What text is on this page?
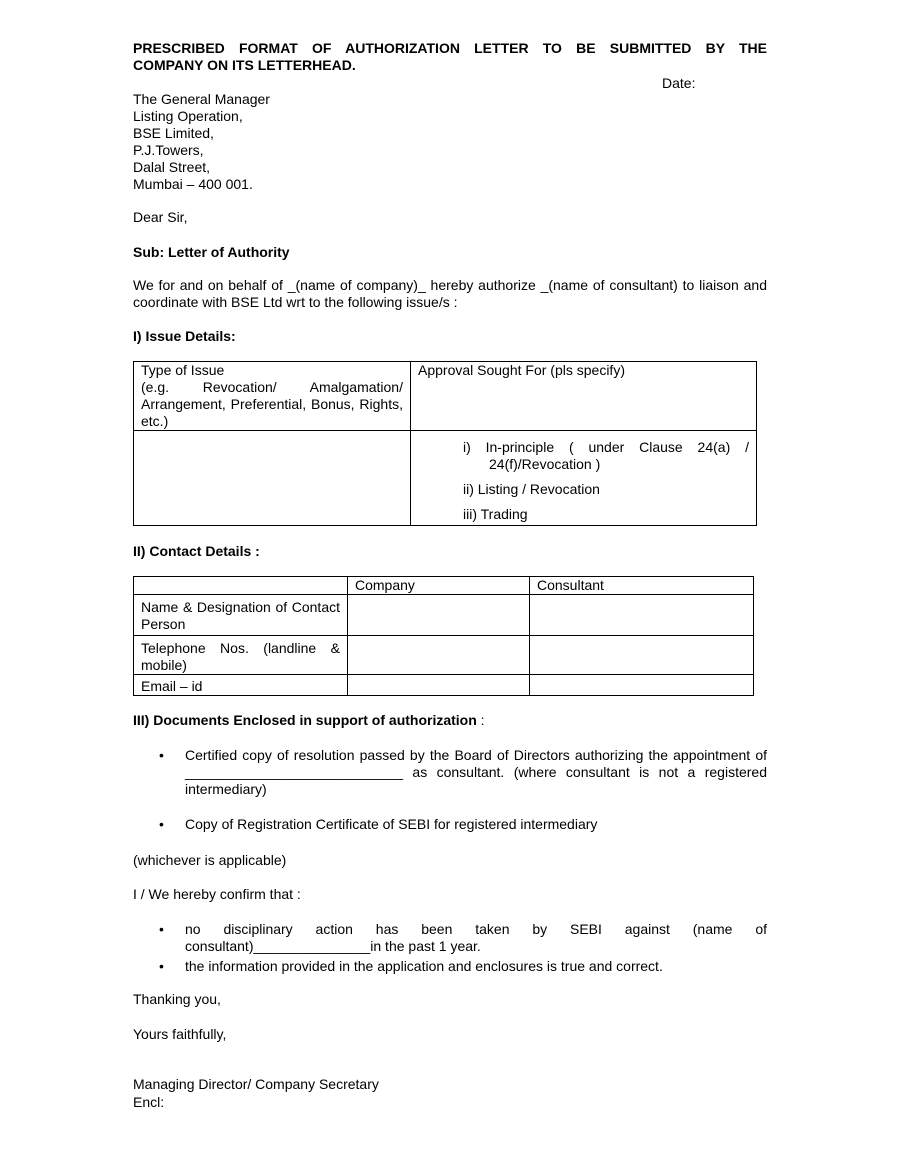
PRESCRIBED FORMAT OF AUTHORIZATION LETTER TO BE SUBMITTED BY THE
COMPANY ON ITS LETTERHEAD.
Date:
The General Manager
Listing Operation,
BSE Limited,
P.J.Towers,
Dalal Street,
Mumbai – 400 001.
Dear Sir,
Sub: Letter of Authority
We for and on behalf of _(name of company)_ hereby authorize _(name of consultant) to liaison and coordinate with BSE Ltd wrt to the following issue/s :
I) Issue Details:
Type of Issue
(e.g. Revocation/ Amalgamation/ Arrangement, Preferential, Bonus, Rights, etc.)	Approval Sought For (pls specify)

	i) In-principle ( under Clause 24(a) /
24(f)/Revocation )
ii) Listing / Revocation
iii) Trading
II) Contact Details :
	Company	Consultant
Name & Designation of Contact Person		
Telephone Nos. (landline & mobile)		
Email – id		
III) Documents Enclosed in support of authorization :
• Certified copy of resolution passed by the Board of Directors authorizing the appointment of ____________________________ as consultant. (where consultant is not a registered intermediary)
• Copy of Registration Certificate of SEBI for registered intermediary
(whichever is applicable)
I / We hereby confirm that :
• no disciplinary action has been taken by SEBI against (name of consultant)_______________in the past 1 year.
• the information provided in the application and enclosures is true and correct.
Thanking you,
Yours faithfully,
Managing Director/ Company Secretary
Encl:
